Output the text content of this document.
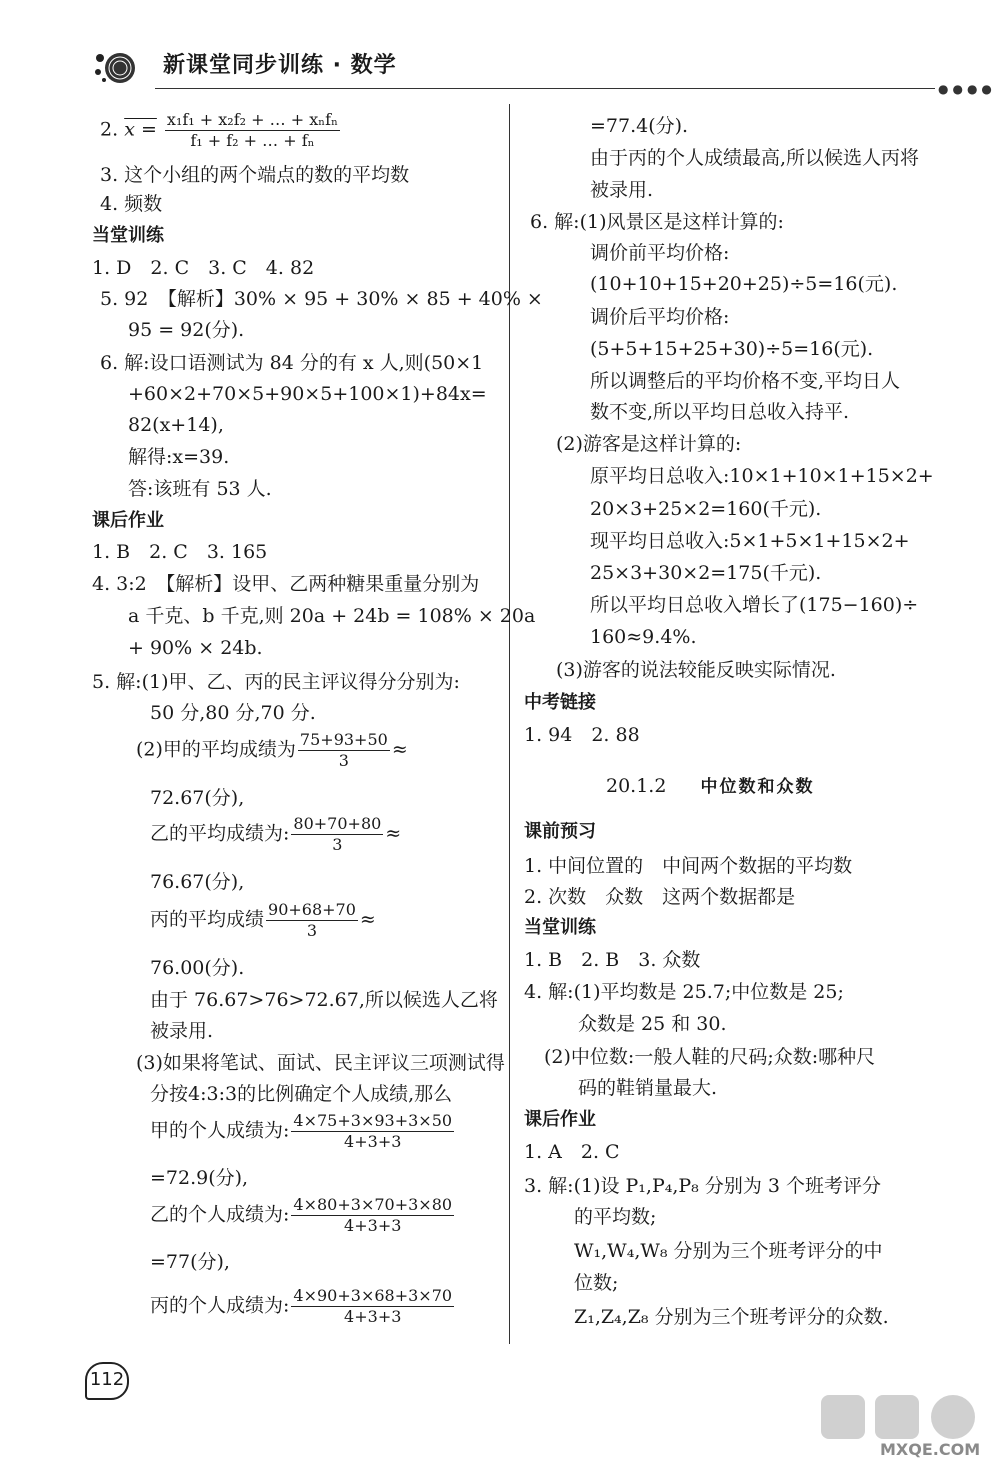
新课堂同步训练 · 数学
●●●●
2. $x = \frac{\text{x₁f₁ + x₂f₂ + … + xₙfₙ}}{\text{f₁ + f₂ + … + fₙ}}$
3. 这个小组的两个端点的数的平均数
4. 频数
当堂训练
1. D　2. C　3. C　4. 82
5. 92　【解析】30% × 95 + 30% × 85 + 40% ×
95 = 92(分).
6. 解:设口语测试为 84 分的有 x 人,则(50×1
+60×2+70×5+90×5+100×1)+84x=
82(x+14),
解得:x=39.
答:该班有 53 人.
课后作业
1. B　2. C　3. 165
4. 3:2　【解析】设甲、乙两种糖果重量分别为
a 千克、b 千克,则 20a + 24b = 108% × 20a
+ 90% × 24b.
5. 解:(1)甲、乙、丙的民主评议得分分别为:
50 分,80 分,70 分.
(2)甲的平均成绩为 $\frac{75+93+50}{3}$ ≈
72.67(分),
乙的平均成绩为: $\frac{80+70+80}{3}$ ≈
76.67(分),
丙的平均成绩 $\frac{90+68+70}{3}$ ≈
76.00(分).
由于 76.67>76>72.67,所以候选人乙将
被录用.
(3)如果将笔试、面试、民主评议三项测试得
分按4:3:3的比例确定个人成绩,那么
甲的个人成绩为: $\frac{4\times 75+3\times 93+3\times 50}{4+3+3}$
=72.9(分),
乙的个人成绩为: $\frac{4\times 80+3\times 70+3\times 80}{4+3+3}$
=77(分),
丙的个人成绩为: $\frac{4\times 90+3\times 68+3\times 70}{4+3+3}$
=77.4(分).
由于丙的个人成绩最高,所以候选人丙将
被录用.
6. 解:(1)风景区是这样计算的:
调价前平均价格:
(10+10+15+20+25)÷5=16(元).
调价后平均价格:
(5+5+15+25+30)÷5=16(元).
所以调整后的平均价格不变,平均日人
数不变,所以平均日总收入持平.
(2)游客是这样计算的:
原平均日总收入:10×1+10×1+15×2+
20×3+25×2=160(千元).
现平均日总收入:5×1+5×1+15×2+
25×3+30×2=175(千元).
所以平均日总收入增长了(175−160)÷
160≈9.4%.
(3)游客的说法较能反映实际情况.
中考链接
1. 94　2. 88
20.1.2 中位数和众数
课前预习
1. 中间位置的　中间两个数据的平均数
2. 次数　众数　这两个数据都是
当堂训练
1. B　2. B　3. 众数
4. 解:(1)平均数是 25.7;中位数是 25;
众数是 25 和 30.
(2)中位数:一般人鞋的尺码;众数:哪种尺
码的鞋销量最大.
课后作业
1. A　2. C
3. 解:(1)设 P₁,P₄,P₈ 分别为 3 个班考评分
的平均数;
W₁,W₄,W₈ 分别为三个班考评分的中
位数;
Z₁,Z₄,Z₈ 分别为三个班考评分的众数.
112
MXQE.COM
